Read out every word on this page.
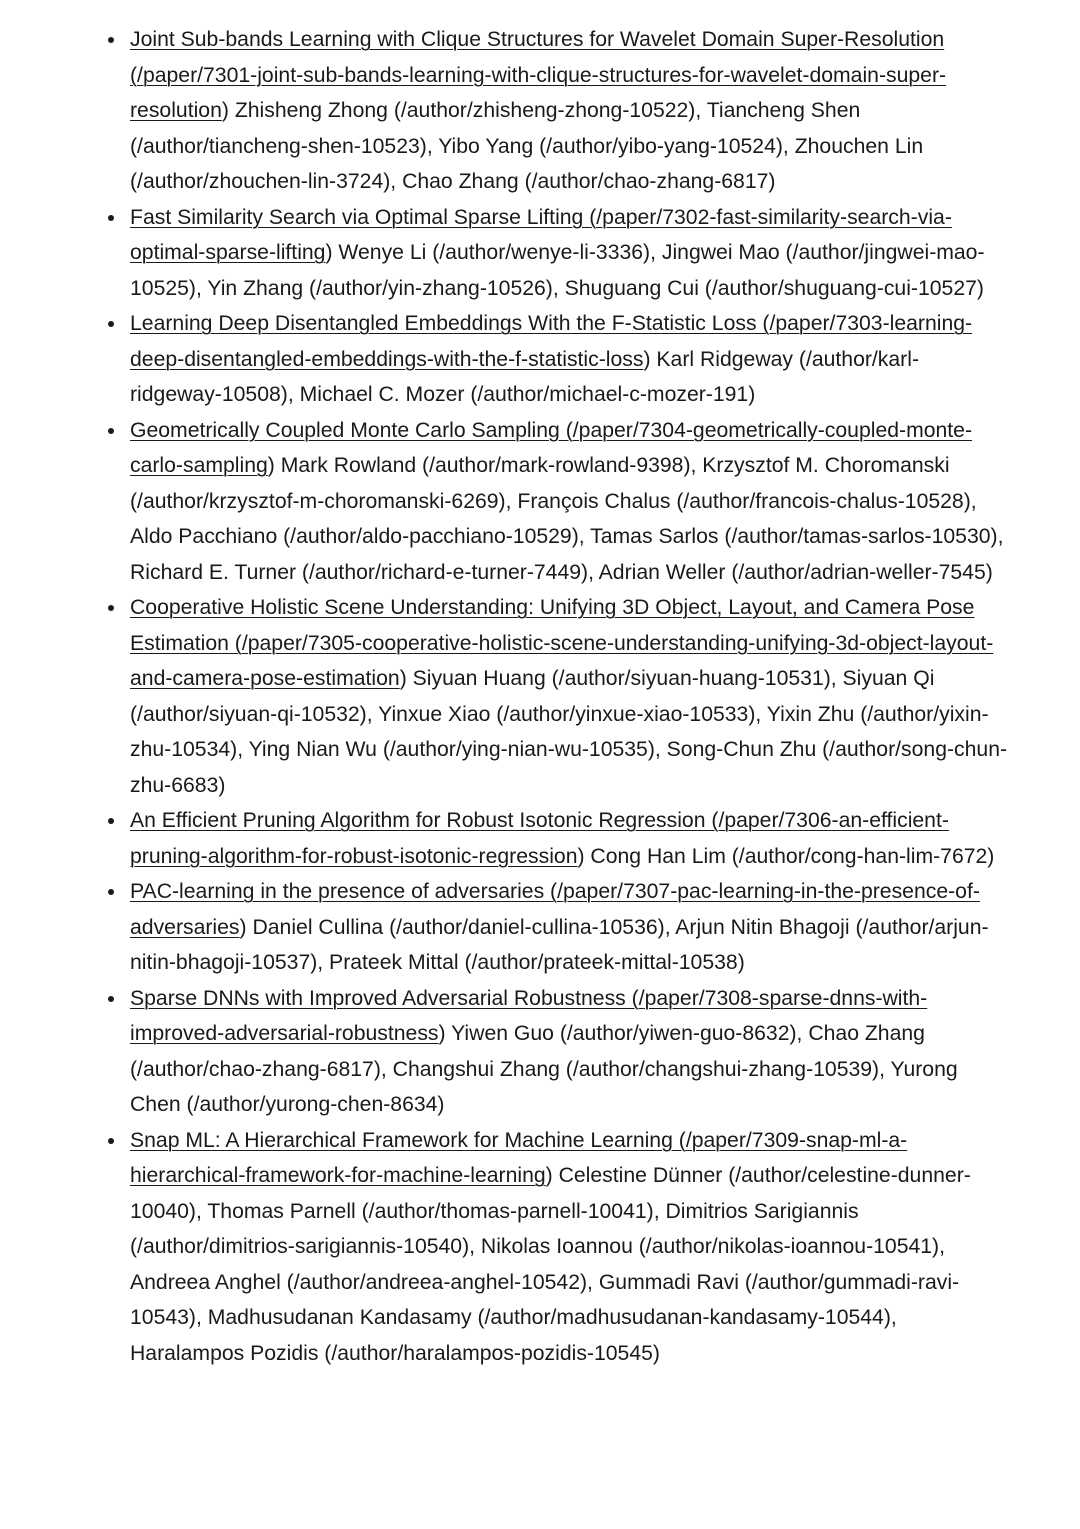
Joint Sub-bands Learning with Clique Structures for Wavelet Domain Super-Resolution (/paper/7301-joint-sub-bands-learning-with-clique-structures-for-wavelet-domain-super-resolution) Zhisheng Zhong (/author/zhisheng-zhong-10522), Tiancheng Shen (/author/tiancheng-shen-10523), Yibo Yang (/author/yibo-yang-10524), Zhouchen Lin (/author/zhouchen-lin-3724), Chao Zhang (/author/chao-zhang-6817)
Fast Similarity Search via Optimal Sparse Lifting (/paper/7302-fast-similarity-search-via-optimal-sparse-lifting) Wenye Li (/author/wenye-li-3336), Jingwei Mao (/author/jingwei-mao-10525), Yin Zhang (/author/yin-zhang-10526), Shuguang Cui (/author/shuguang-cui-10527)
Learning Deep Disentangled Embeddings With the F-Statistic Loss (/paper/7303-learning-deep-disentangled-embeddings-with-the-f-statistic-loss) Karl Ridgeway (/author/karl-ridgeway-10508), Michael C. Mozer (/author/michael-c-mozer-191)
Geometrically Coupled Monte Carlo Sampling (/paper/7304-geometrically-coupled-monte-carlo-sampling) Mark Rowland (/author/mark-rowland-9398), Krzysztof M. Choromanski (/author/krzysztof-m-choromanski-6269), François Chalus (/author/francois-chalus-10528), Aldo Pacchiano (/author/aldo-pacchiano-10529), Tamas Sarlos (/author/tamas-sarlos-10530), Richard E. Turner (/author/richard-e-turner-7449), Adrian Weller (/author/adrian-weller-7545)
Cooperative Holistic Scene Understanding: Unifying 3D Object, Layout, and Camera Pose Estimation (/paper/7305-cooperative-holistic-scene-understanding-unifying-3d-object-layout-and-camera-pose-estimation) Siyuan Huang (/author/siyuan-huang-10531), Siyuan Qi (/author/siyuan-qi-10532), Yinxue Xiao (/author/yinxue-xiao-10533), Yixin Zhu (/author/yixin-zhu-10534), Ying Nian Wu (/author/ying-nian-wu-10535), Song-Chun Zhu (/author/song-chun-zhu-6683)
An Efficient Pruning Algorithm for Robust Isotonic Regression (/paper/7306-an-efficient-pruning-algorithm-for-robust-isotonic-regression) Cong Han Lim (/author/cong-han-lim-7672)
PAC-learning in the presence of adversaries (/paper/7307-pac-learning-in-the-presence-of-adversaries) Daniel Cullina (/author/daniel-cullina-10536), Arjun Nitin Bhagoji (/author/arjun-nitin-bhagoji-10537), Prateek Mittal (/author/prateek-mittal-10538)
Sparse DNNs with Improved Adversarial Robustness (/paper/7308-sparse-dnns-with-improved-adversarial-robustness) Yiwen Guo (/author/yiwen-guo-8632), Chao Zhang (/author/chao-zhang-6817), Changshui Zhang (/author/changshui-zhang-10539), Yurong Chen (/author/yurong-chen-8634)
Snap ML: A Hierarchical Framework for Machine Learning (/paper/7309-snap-ml-a-hierarchical-framework-for-machine-learning) Celestine Dünner (/author/celestine-dunner-10040), Thomas Parnell (/author/thomas-parnell-10041), Dimitrios Sarigiannis (/author/dimitrios-sarigiannis-10540), Nikolas Ioannou (/author/nikolas-ioannou-10541), Andreea Anghel (/author/andreea-anghel-10542), Gummadi Ravi (/author/gummadi-ravi-10543), Madhusudanan Kandasamy (/author/madhusudanan-kandasamy-10544), Haralampos Pozidis (/author/haralampos-pozidis-10545)
